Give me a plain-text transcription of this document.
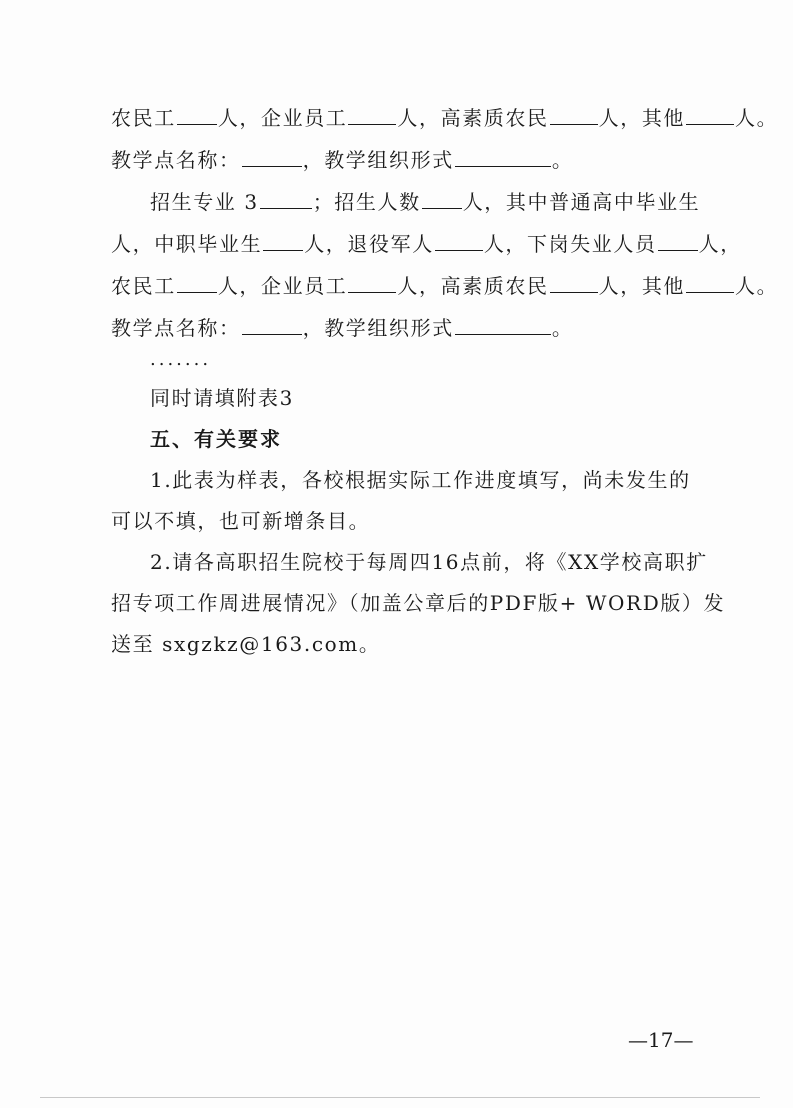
农民工 人，企业员工	人，高素质农民	人，其他	人。
教学点名称：	，教学组织形式	。
招生专业 3	；招生人数 人，其中普通高中毕业生
人，中职毕业生 人，退役军人	人，下岗失业人员 人，
农民工 人，企业员工	人，高素质农民	人，其他	人。
教学点名称：	，教学组织形式	。
.......
同时请填附表3
五、有关要求
1.此表为样表，各校根据实际工作进度填写，尚未发生的
可以不填，也可新增条目。
2.请各高职招生院校于每周四16点前，将《XX学校高职扩
招专项工作周进展情况》（加盖公章后的PDF版+ WORD版）发
送至 sxgzkz@163.com。
—17—
